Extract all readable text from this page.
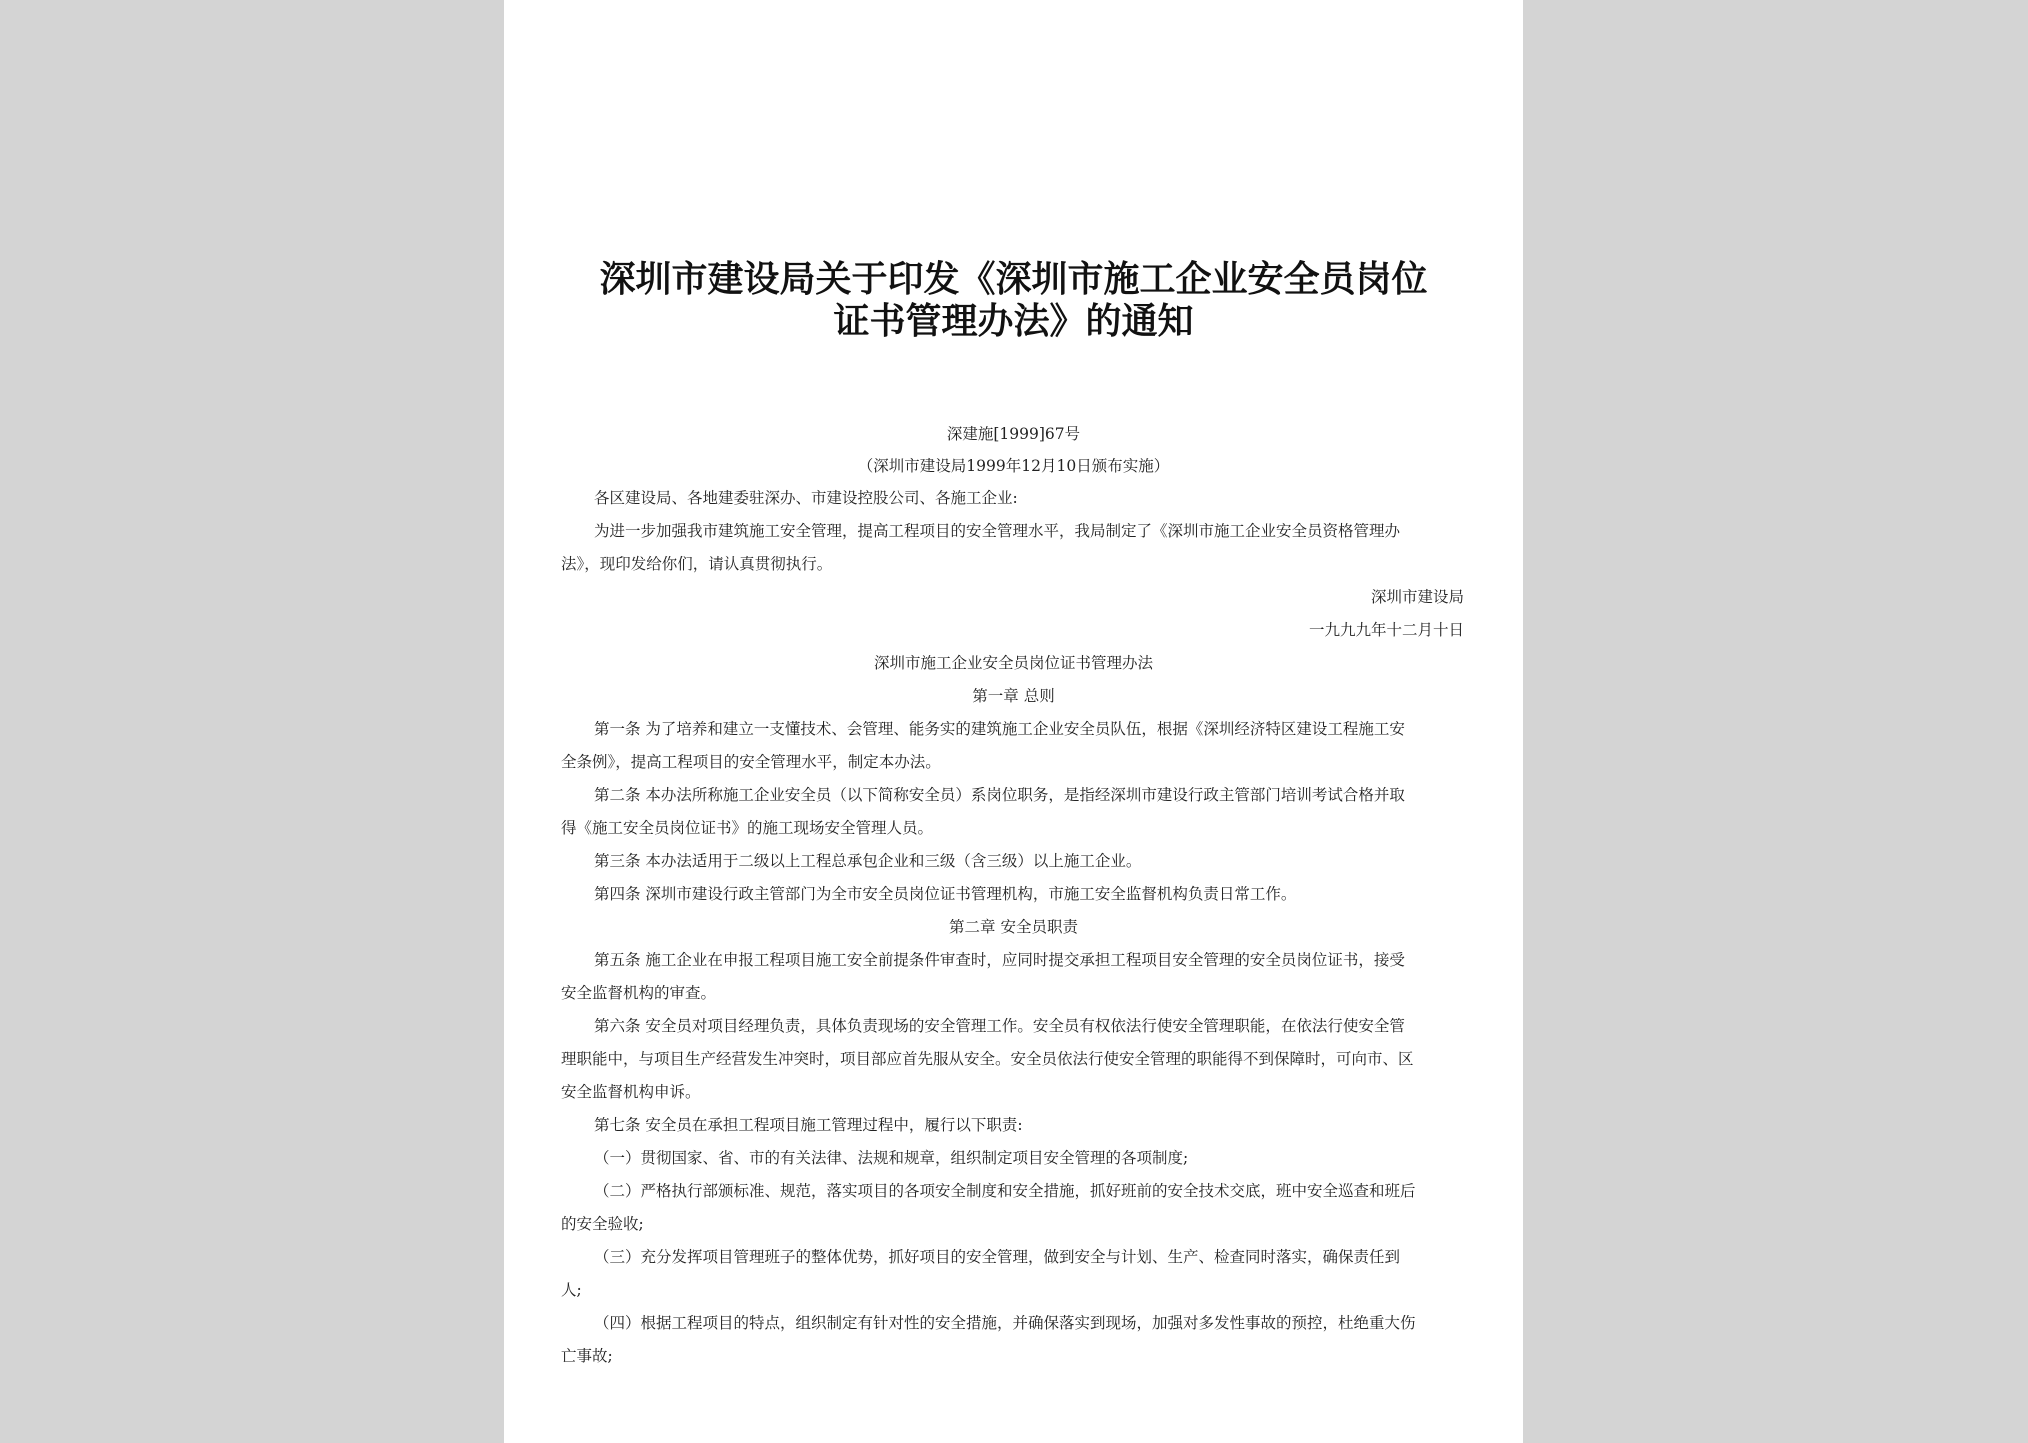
深圳市建设局关于印发《深圳市施工企业安全员岗位
证书管理办法》的通知
深建施[1999]67号
（深圳市建设局1999年12月10日颁布实施）
各区建设局、各地建委驻深办、市建设控股公司、各施工企业:
为进一步加强我市建筑施工安全管理，提高工程项目的安全管理水平，我局制定了《深圳市施工企业安全员资格管理办
法》，现印发给你们，请认真贯彻执行。
深圳市建设局
一九九九年十二月十日
深圳市施工企业安全员岗位证书管理办法
第一章 总则
第一条 为了培养和建立一支懂技术、会管理、能务实的建筑施工企业安全员队伍，根据《深圳经济特区建设工程施工安
全条例》，提高工程项目的安全管理水平，制定本办法。
第二条 本办法所称施工企业安全员（以下简称安全员）系岗位职务，是指经深圳市建设行政主管部门培训考试合格并取
得《施工安全员岗位证书》的施工现场安全管理人员。
第三条 本办法适用于二级以上工程总承包企业和三级（含三级）以上施工企业。
第四条 深圳市建设行政主管部门为全市安全员岗位证书管理机构，市施工安全监督机构负责日常工作。
第二章 安全员职责
第五条 施工企业在申报工程项目施工安全前提条件审查时，应同时提交承担工程项目安全管理的安全员岗位证书，接受
安全监督机构的审查。
第六条 安全员对项目经理负责，具体负责现场的安全管理工作。安全员有权依法行使安全管理职能，在依法行使安全管
理职能中，与项目生产经营发生冲突时，项目部应首先服从安全。安全员依法行使安全管理的职能得不到保障时，可向市、区
安全监督机构申诉。
第七条 安全员在承担工程项目施工管理过程中，履行以下职责:
（一）贯彻国家、省、市的有关法律、法规和规章，组织制定项目安全管理的各项制度;
（二）严格执行部颁标准、规范，落实项目的各项安全制度和安全措施，抓好班前的安全技术交底，班中安全巡查和班后
的安全验收;
（三）充分发挥项目管理班子的整体优势，抓好项目的安全管理，做到安全与计划、生产、检查同时落实，确保责任到
人;
（四）根据工程项目的特点，组织制定有针对性的安全措施，并确保落实到现场，加强对多发性事故的预控，杜绝重大伤
亡事故;
